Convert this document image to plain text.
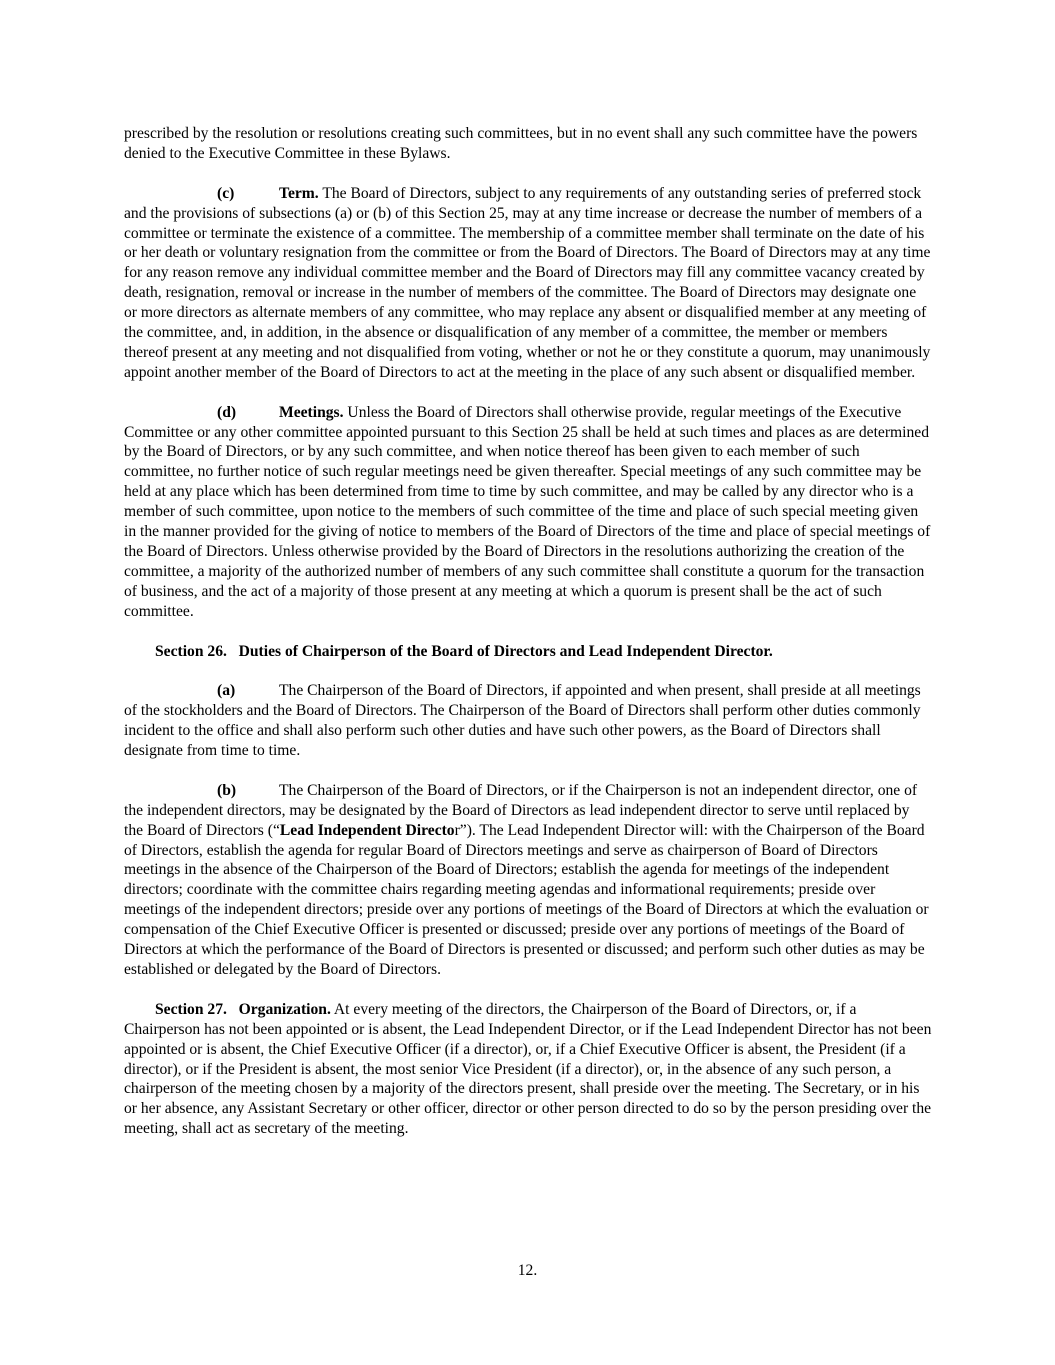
prescribed by the resolution or resolutions creating such committees, but in no event shall any such committee have the powers denied to the Executive Committee in these Bylaws.

(c)	Term. The Board of Directors, subject to any requirements of any outstanding series of preferred stock and the provisions of subsections (a) or (b) of this Section 25, may at any time increase or decrease the number of members of a committee or terminate the existence of a committee. The membership of a committee member shall terminate on the date of his or her death or voluntary resignation from the committee or from the Board of Directors. The Board of Directors may at any time for any reason remove any individual committee member and the Board of Directors may fill any committee vacancy created by death, resignation, removal or increase in the number of members of the committee. The Board of Directors may designate one or more directors as alternate members of any committee, who may replace any absent or disqualified member at any meeting of the committee, and, in addition, in the absence or disqualification of any member of a committee, the member or members thereof present at any meeting and not disqualified from voting, whether or not he or they constitute a quorum, may unanimously appoint another member of the Board of Directors to act at the meeting in the place of any such absent or disqualified member.

(d)	Meetings. Unless the Board of Directors shall otherwise provide, regular meetings of the Executive Committee or any other committee appointed pursuant to this Section 25 shall be held at such times and places as are determined by the Board of Directors, or by any such committee, and when notice thereof has been given to each member of such committee, no further notice of such regular meetings need be given thereafter. Special meetings of any such committee may be held at any place which has been determined from time to time by such committee, and may be called by any director who is a member of such committee, upon notice to the members of such committee of the time and place of such special meeting given in the manner provided for the giving of notice to members of the Board of Directors of the time and place of special meetings of the Board of Directors. Unless otherwise provided by the Board of Directors in the resolutions authorizing the creation of the committee, a majority of the authorized number of members of any such committee shall constitute a quorum for the transaction of business, and the act of a majority of those present at any meeting at which a quorum is present shall be the act of such committee.

Section 26. Duties of Chairperson of the Board of Directors and Lead Independent Director.

(a)	The Chairperson of the Board of Directors, if appointed and when present, shall preside at all meetings of the stockholders and the Board of Directors. The Chairperson of the Board of Directors shall perform other duties commonly incident to the office and shall also perform such other duties and have such other powers, as the Board of Directors shall designate from time to time.

(b)	The Chairperson of the Board of Directors, or if the Chairperson is not an independent director, one of the independent directors, may be designated by the Board of Directors as lead independent director to serve until replaced by the Board of Directors (“Lead Independent Director”). The Lead Independent Director will: with the Chairperson of the Board of Directors, establish the agenda for regular Board of Directors meetings and serve as chairperson of Board of Directors meetings in the absence of the Chairperson of the Board of Directors; establish the agenda for meetings of the independent directors; coordinate with the committee chairs regarding meeting agendas and informational requirements; preside over meetings of the independent directors; preside over any portions of meetings of the Board of Directors at which the evaluation or compensation of the Chief Executive Officer is presented or discussed; preside over any portions of meetings of the Board of Directors at which the performance of the Board of Directors is presented or discussed; and perform such other duties as may be established or delegated by the Board of Directors.

Section 27. Organization. At every meeting of the directors, the Chairperson of the Board of Directors, or, if a Chairperson has not been appointed or is absent, the Lead Independent Director, or if the Lead Independent Director has not been appointed or is absent, the Chief Executive Officer (if a director), or, if a Chief Executive Officer is absent, the President (if a director), or if the President is absent, the most senior Vice President (if a director), or, in the absence of any such person, a chairperson of the meeting chosen by a majority of the directors present, shall preside over the meeting. The Secretary, or in his or her absence, any Assistant Secretary or other officer, director or other person directed to do so by the person presiding over the meeting, shall act as secretary of the meeting.

12.
